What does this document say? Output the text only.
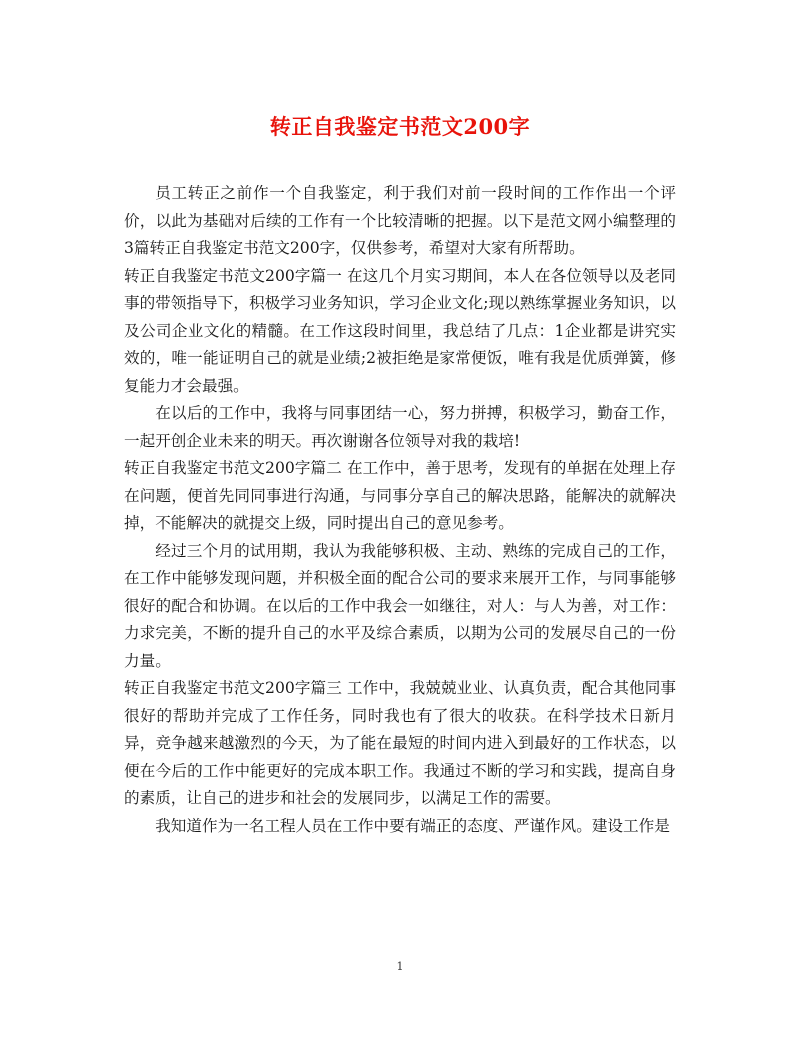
转正自我鉴定书范文200字

员工转正之前作一个自我鉴定，利于我们对前一段时间的工作作出一个评价，以此为基础对后续的工作有一个比较清晰的把握。以下是范文网小编整理的3篇转正自我鉴定书范文200字，仅供参考，希望对大家有所帮助。

转正自我鉴定书范文200字篇一 在这几个月实习期间，本人在各位领导以及老同事的带领指导下，积极学习业务知识，学习企业文化;现以熟练掌握业务知识，以及公司企业文化的精髓。在工作这段时间里，我总结了几点：1企业都是讲究实效的，唯一能证明自己的就是业绩;2被拒绝是家常便饭，唯有我是优质弹簧，修复能力才会最强。

在以后的工作中，我将与同事团结一心，努力拼搏，积极学习，勤奋工作，一起开创企业未来的明天。再次谢谢各位领导对我的栽培!

转正自我鉴定书范文200字篇二 在工作中，善于思考，发现有的单据在处理上存在问题，便首先同同事进行沟通，与同事分享自己的解决思路，能解决的就解决掉，不能解决的就提交上级，同时提出自己的意见参考。

经过三个月的试用期，我认为我能够积极、主动、熟练的完成自己的工作，在工作中能够发现问题，并积极全面的配合公司的要求来展开工作，与同事能够很好的配合和协调。在以后的工作中我会一如继往，对人：与人为善，对工作：力求完美，不断的提升自己的水平及综合素质，以期为公司的发展尽自己的一份力量。

转正自我鉴定书范文200字篇三 工作中，我兢兢业业、认真负责，配合其他同事很好的帮助并完成了工作任务，同时我也有了很大的收获。在科学技术日新月异，竞争越来越激烈的今天，为了能在最短的时间内进入到最好的工作状态，以便在今后的工作中能更好的完成本职工作。我通过不断的学习和实践，提高自身的素质，让自己的进步和社会的发展同步，以满足工作的需要。

我知道作为一名工程人员在工作中要有端正的态度、严谨作风。建设工作是

1
